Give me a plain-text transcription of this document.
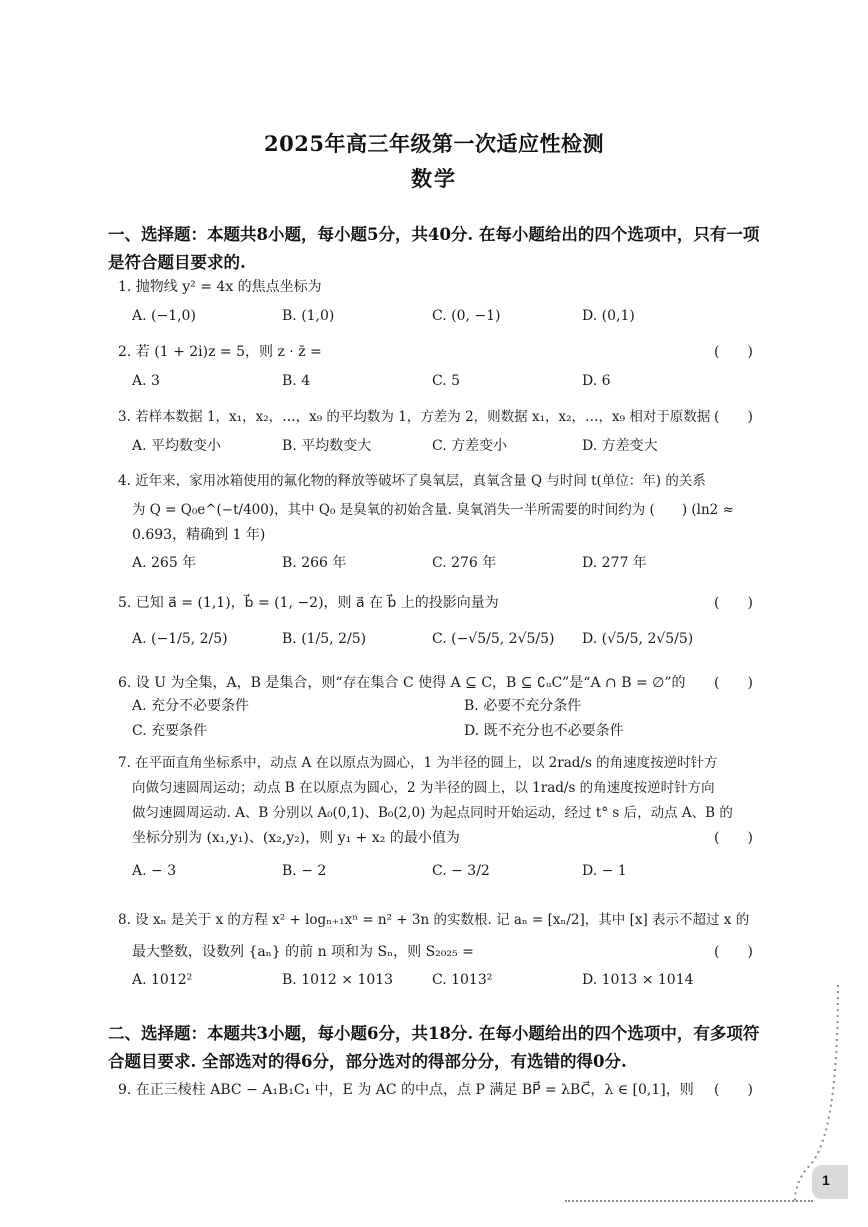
2025年高三年级第一次适应性检测
数学
一、选择题：本题共8小题，每小题5分，共40分. 在每小题给出的四个选项中，只有一项
是符合题目要求的.
1. 抛物线 y² = 4x 的焦点坐标为
A. (−1,0)	B. (1,0)	C. (0, −1)	D. (0,1)
2. 若 (1 + 2i)z = 5，则 z · z̄ =	(　　)
A. 3	B. 4	C. 5	D. 6
3. 若样本数据 1，x₁，x₂，…，x₉ 的平均数为 1，方差为 2，则数据 x₁，x₂，…，x₉ 相对于原数据 (　　)
A. 平均数变小	B. 平均数变大	C. 方差变小	D. 方差变大
4. 近年来，家用冰箱使用的氟化物的释放等破坏了臭氧层，真氧含量 Q 与时间 t(单位：年) 的关系
为 Q = Q₀e^(−t/400)，其中 Q₀ 是臭氧的初始含量. 臭氧消失一半所需要的时间约为 (　　) (ln2 ≈
0.693，精确到 1 年)
A. 265 年	B. 266 年	C. 276 年	D. 277 年
5. 已知 a⃗ = (1,1)，b⃗ = (1, −2)，则 a⃗ 在 b⃗ 上的投影向量为	(　　)
A. (−1/5, 2/5)	B. (1/5, 2/5)	C. (−√5/5, 2√5/5) D. (√5/5, 2√5/5)
6. 设 U 为全集，A，B 是集合，则“存在集合 C 使得 A ⊆ C，B ⊆ ∁ᵤC”是“A ∩ B = ∅”的 (　　)
A. 充分不必要条件	B. 必要不充分条件
C. 充要条件	D. 既不充分也不必要条件
7. 在平面直角坐标系中，动点 A 在以原点为圆心，1 为半径的圆上，以 2rad/s 的角速度按逆时针方
向做匀速圆周运动；动点 B 在以原点为圆心，2 为半径的圆上，以 1rad/s 的角速度按逆时针方向
做匀速圆周运动. A、B 分别以 A₀(0,1)、B₀(2,0) 为起点同时开始运动，经过 t° s 后，动点 A、B 的
坐标分别为 (x₁,y₁)、(x₂,y₂)，则 y₁ + x₂ 的最小值为	(　　)
A. − 3	B. − 2	C. − 3/2	D. − 1
8. 设 xₙ 是关于 x 的方程 x² + logₙ₊₁xⁿ = n² + 3n 的实数根. 记 aₙ = [xₙ/2]，其中 [x] 表示不超过 x 的
最大整数，设数列 {aₙ} 的前 n 项和为 Sₙ，则 S₂₀₂₅ =	(　　)
A. 1012²	B. 1012 × 1013	C. 1013²	D. 1013 × 1014
二、选择题：本题共3小题，每小题6分，共18分. 在每小题给出的四个选项中，有多项符
合题目要求. 全部选对的得6分，部分选对的得部分分，有选错的得0分.
9. 在正三棱柱 ABC − A₁B₁C₁ 中，E 为 AC 的中点，点 P 满足 BP⃗ = λBC⃗，λ ∈ [0,1]，则 (　　)
1
